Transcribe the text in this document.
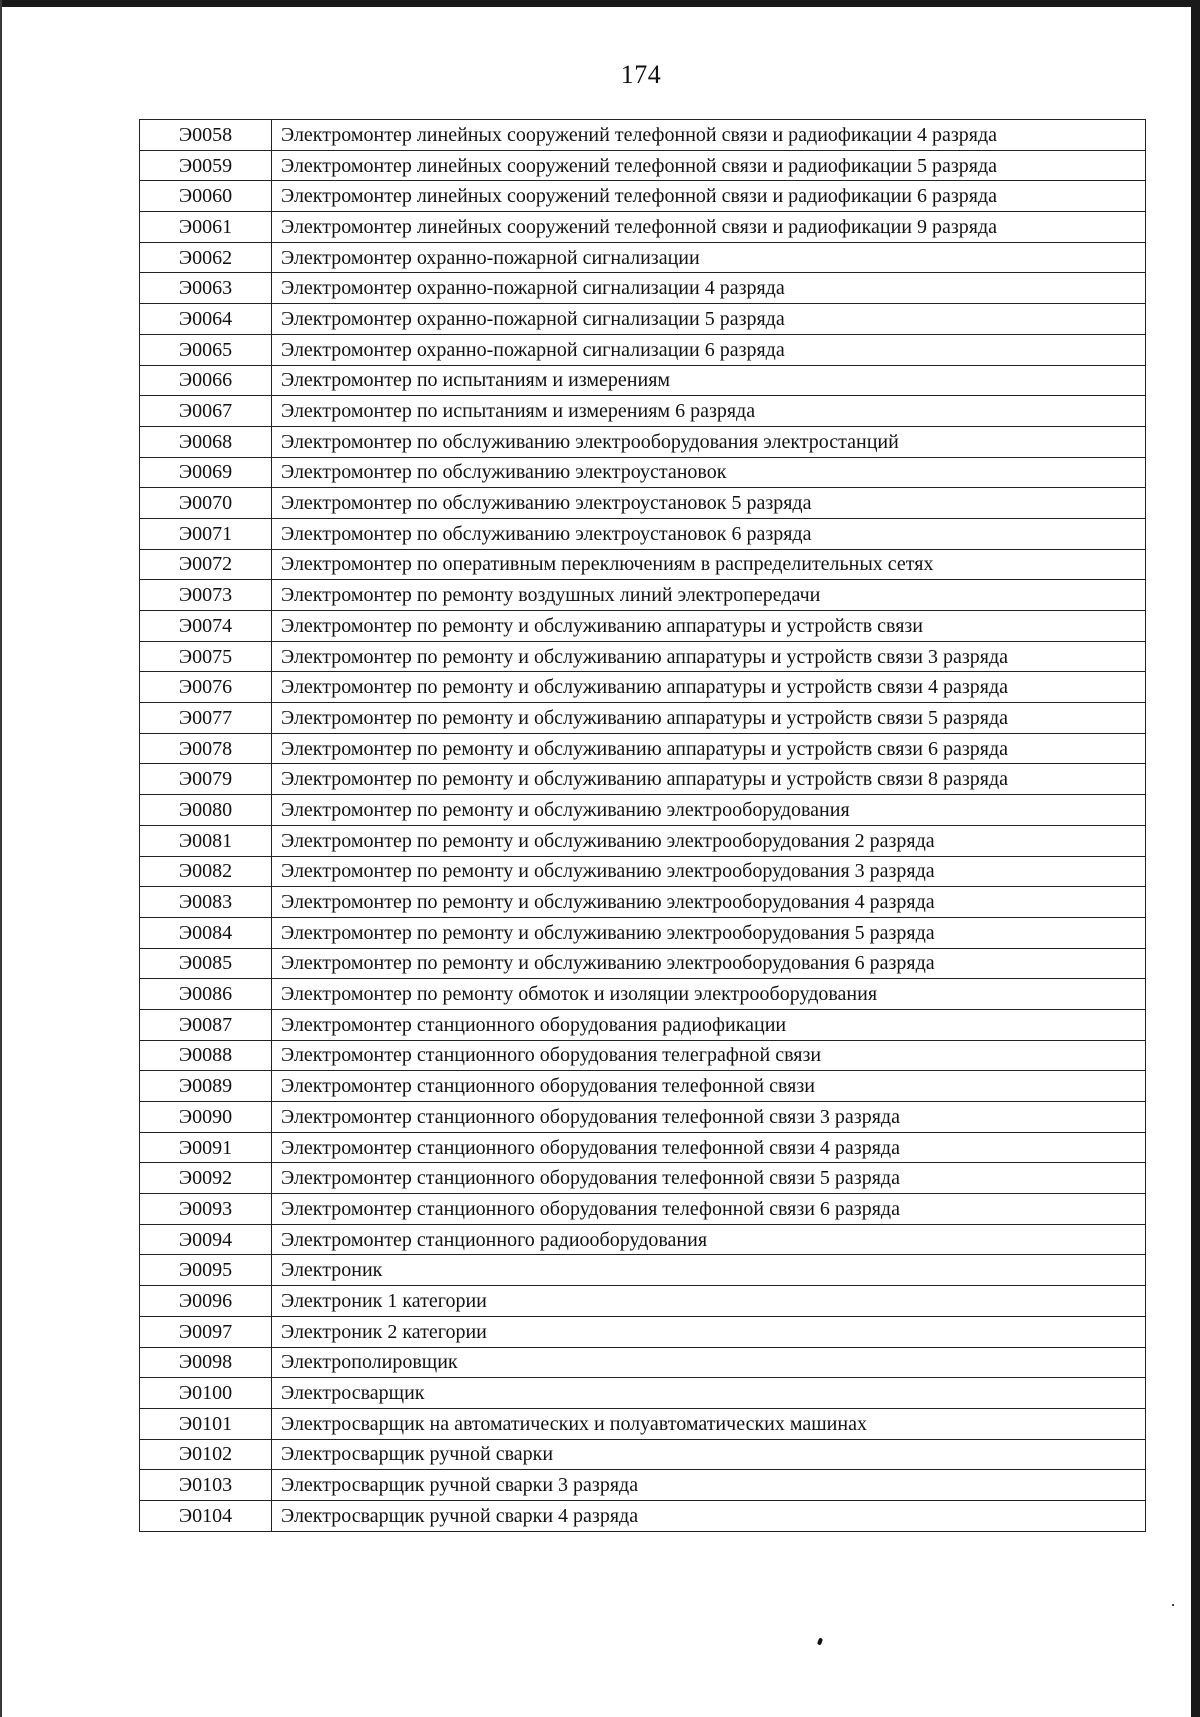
174
Э0058	Электромонтер линейных сооружений телефонной связи и радиофикации 4 разряда
Э0059	Электромонтер линейных сооружений телефонной связи и радиофикации 5 разряда
Э0060	Электромонтер линейных сооружений телефонной связи и радиофикации 6 разряда
Э0061	Электромонтер линейных сооружений телефонной связи и радиофикации 9 разряда
Э0062	Электромонтер охранно-пожарной сигнализации
Э0063	Электромонтер охранно-пожарной сигнализации 4 разряда
Э0064	Электромонтер охранно-пожарной сигнализации 5 разряда
Э0065	Электромонтер охранно-пожарной сигнализации 6 разряда
Э0066	Электромонтер по испытаниям и измерениям
Э0067	Электромонтер по испытаниям и измерениям 6 разряда
Э0068	Электромонтер по обслуживанию электрооборудования электростанций
Э0069	Электромонтер по обслуживанию электроустановок
Э0070	Электромонтер по обслуживанию электроустановок 5 разряда
Э0071	Электромонтер по обслуживанию электроустановок 6 разряда
Э0072	Электромонтер по оперативным переключениям в распределительных сетях
Э0073	Электромонтер по ремонту воздушных линий электропередачи
Э0074	Электромонтер по ремонту и обслуживанию аппаратуры и устройств связи
Э0075	Электромонтер по ремонту и обслуживанию аппаратуры и устройств связи 3 разряда
Э0076	Электромонтер по ремонту и обслуживанию аппаратуры и устройств связи 4 разряда
Э0077	Электромонтер по ремонту и обслуживанию аппаратуры и устройств связи 5 разряда
Э0078	Электромонтер по ремонту и обслуживанию аппаратуры и устройств связи 6 разряда
Э0079	Электромонтер по ремонту и обслуживанию аппаратуры и устройств связи 8 разряда
Э0080	Электромонтер по ремонту и обслуживанию электрооборудования
Э0081	Электромонтер по ремонту и обслуживанию электрооборудования 2 разряда
Э0082	Электромонтер по ремонту и обслуживанию электрооборудования 3 разряда
Э0083	Электромонтер по ремонту и обслуживанию электрооборудования 4 разряда
Э0084	Электромонтер по ремонту и обслуживанию электрооборудования 5 разряда
Э0085	Электромонтер по ремонту и обслуживанию электрооборудования 6 разряда
Э0086	Электромонтер по ремонту обмоток и изоляции электрооборудования
Э0087	Электромонтер станционного оборудования радиофикации
Э0088	Электромонтер станционного оборудования телеграфной связи
Э0089	Электромонтер станционного оборудования телефонной связи
Э0090	Электромонтер станционного оборудования телефонной связи 3 разряда
Э0091	Электромонтер станционного оборудования телефонной связи 4 разряда
Э0092	Электромонтер станционного оборудования телефонной связи 5 разряда
Э0093	Электромонтер станционного оборудования телефонной связи 6 разряда
Э0094	Электромонтер станционного радиооборудования
Э0095	Электроник
Э0096	Электроник 1 категории
Э0097	Электроник 2 категории
Э0098	Электрополировщик
Э0100	Электросварщик
Э0101	Электросварщик на автоматических и полуавтоматических машинах
Э0102	Электросварщик ручной сварки
Э0103	Электросварщик ручной сварки 3 разряда
Э0104	Электросварщик ручной сварки 4 разряда
